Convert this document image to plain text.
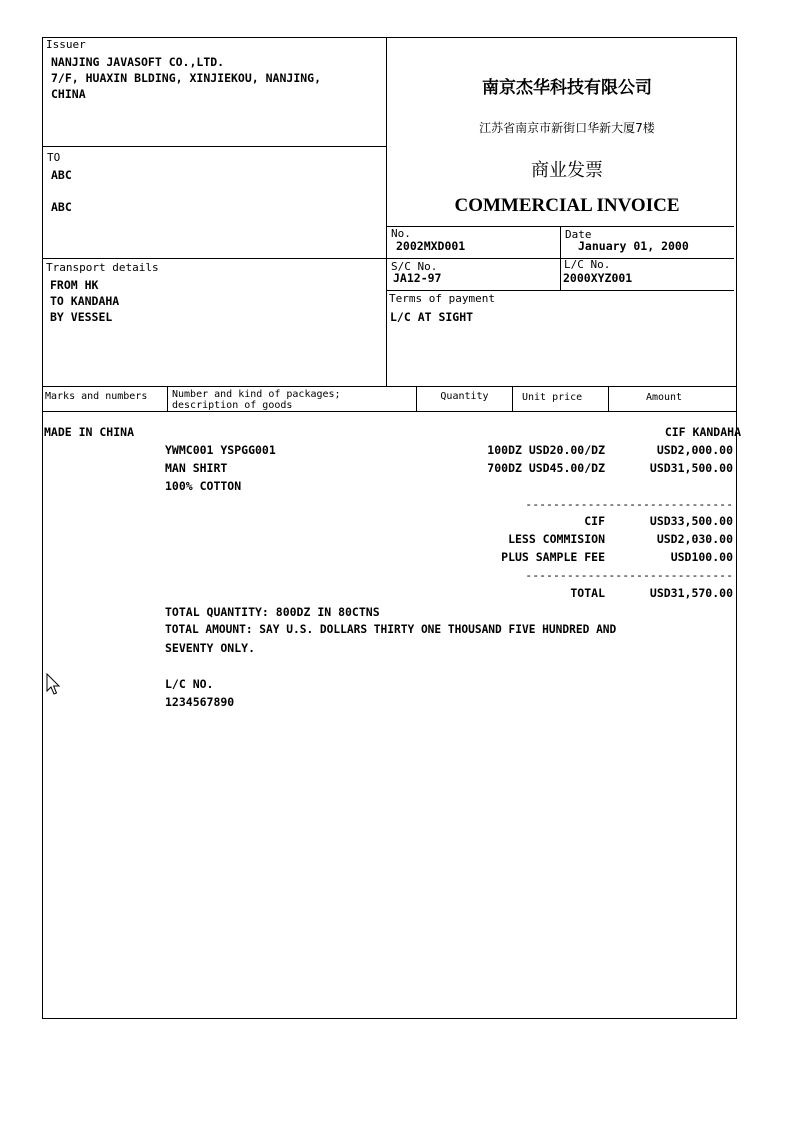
Issuer
NANJING JAVASOFT CO.,LTD.
7/F, HUAXIN BLDING, XINJIEKOU, NANJING,
CHINA	南京杰华科技有限公司
江苏省南京市新街口华新大厦7楼
商业发票
COMMERCIAL INVOICE
TO
ABC
ABC
No.
2002MXD001
Date
January 01, 2000
S/C No.
JA12-97
L/C No.
2000XYZ001
Transport details
FROM HK
TO KANDAHA
BY VESSEL
Terms of payment
L/C AT SIGHT
Marks and numbers Number and kind of packages;
description of goods
Quantity	Unit price	Amount
MADE IN CHINA	CIF KANDAHA
YWMC001 YSPGG001	100DZ USD20.00/DZ	USD2,000.00
MAN SHIRT	700DZ USD45.00/DZ	USD31,500.00
100% COTTON
------------------------------
CIF	USD33,500.00
LESS COMMISION	USD2,030.00
PLUS SAMPLE FEE	USD100.00
------------------------------
TOTAL	USD31,570.00
TOTAL QUANTITY: 800DZ IN 80CTNS
TOTAL AMOUNT: SAY U.S. DOLLARS THIRTY ONE THOUSAND FIVE HUNDRED AND
SEVENTY ONLY.
L/C NO.
1234567890
